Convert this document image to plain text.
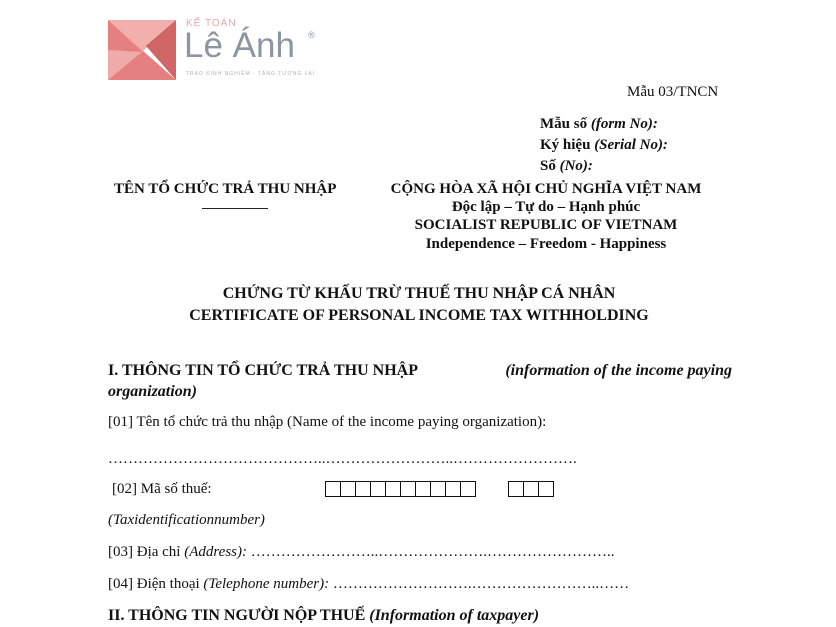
KẾ TOÁN
Lê Ánh ®
TRAO KINH NGHIỆM - TẶNG TƯƠNG LAI
Mẫu 03/TNCN
Mẫu số (form No):
Ký hiệu (Serial No):
Số (No):
TÊN TỔ CHỨC TRẢ THU NHẬP	CỘNG HÒA XÃ HỘI CHỦ NGHĨA VIỆT NAM
Độc lập – Tự do – Hạnh phúc
SOCIALIST REPUBLIC OF VIETNAM
Independence – Freedom - Happiness
CHỨNG TỪ KHẤU TRỪ THUẾ THU NHẬP CÁ NHÂN
CERTIFICATE OF PERSONAL INCOME TAX WITHHOLDING
I. THÔNG TIN TỔ CHỨC TRẢ THU NHẬP	(information of the income paying
organization)
[01] Tên tổ chức trả thu nhập (Name of the income paying organization):
……………………………………..……………………..…………………….
[02] Mã số thuế:
(Taxidentificationnumber)
[03] Địa chỉ (Address): ……………………..………………….……………………..
[04] Điện thoại (Telephone number): ……………………….……………………..……
II. THÔNG TIN NGƯỜI NỘP THUẾ (Information of taxpayer)
